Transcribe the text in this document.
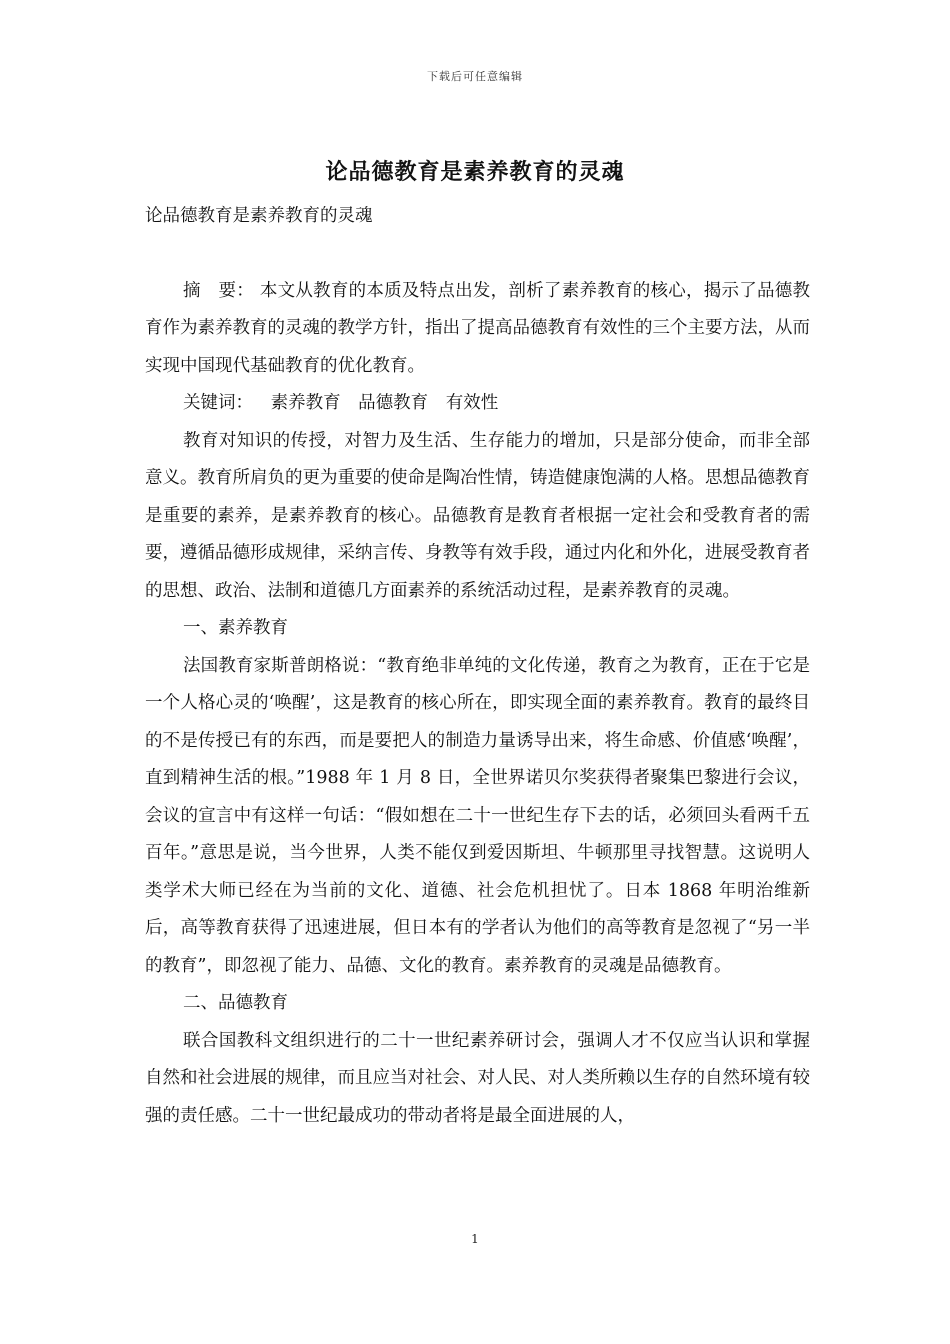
下载后可任意编辑
论品德教育是素养教育的灵魂

论品德教育是素养教育的灵魂

摘　要： 本文从教育的本质及特点出发，剖析了素养教育的核心，揭示了品德教育作为素养教育的灵魂的教学方针，指出了提高品德教育有效性的三个主要方法，从而实现中国现代基础教育的优化教育。

关键词： 素养教育 品德教育 有效性

教育对知识的传授，对智力及生活、生存能力的增加，只是部分使命，而非全部意义。教育所肩负的更为重要的使命是陶冶性情，铸造健康饱满的人格。思想品德教育是重要的素养，是素养教育的核心。品德教育是教育者根据一定社会和受教育者的需要，遵循品德形成规律，采纳言传、身教等有效手段，通过内化和外化，进展受教育者的思想、政治、法制和道德几方面素养的系统活动过程，是素养教育的灵魂。

一、素养教育

法国教育家斯普朗格说：“教育绝非单纯的文化传递，教育之为教育，正在于它是一个人格心灵的‘唤醒’，这是教育的核心所在，即实现全面的素养教育。教育的最终目的不是传授已有的东西，而是要把人的制造力量诱导出来，将生命感、价值感‘唤醒’，直到精神生活的根。”1988 年 1 月 8 日，全世界诺贝尔奖获得者聚集巴黎进行会议，会议的宣言中有这样一句话：“假如想在二十一世纪生存下去的话，必须回头看两千五百年。”意思是说，当今世界，人类不能仅到爱因斯坦、牛顿那里寻找智慧。这说明人类学术大师已经在为当前的文化、道德、社会危机担忧了。日本 1868 年明治维新后，高等教育获得了迅速进展，但日本有的学者认为他们的高等教育是忽视了“另一半的教育”，即忽视了能力、品德、文化的教育。素养教育的灵魂是品德教育。

二、品德教育

联合国教科文组织进行的二十一世纪素养研讨会，强调人才不仅应当认识和掌握自然和社会进展的规律，而且应当对社会、对人民、对人类所赖以生存的自然环境有较强的责任感。二十一世纪最成功的带动者将是最全面进展的人，

1
